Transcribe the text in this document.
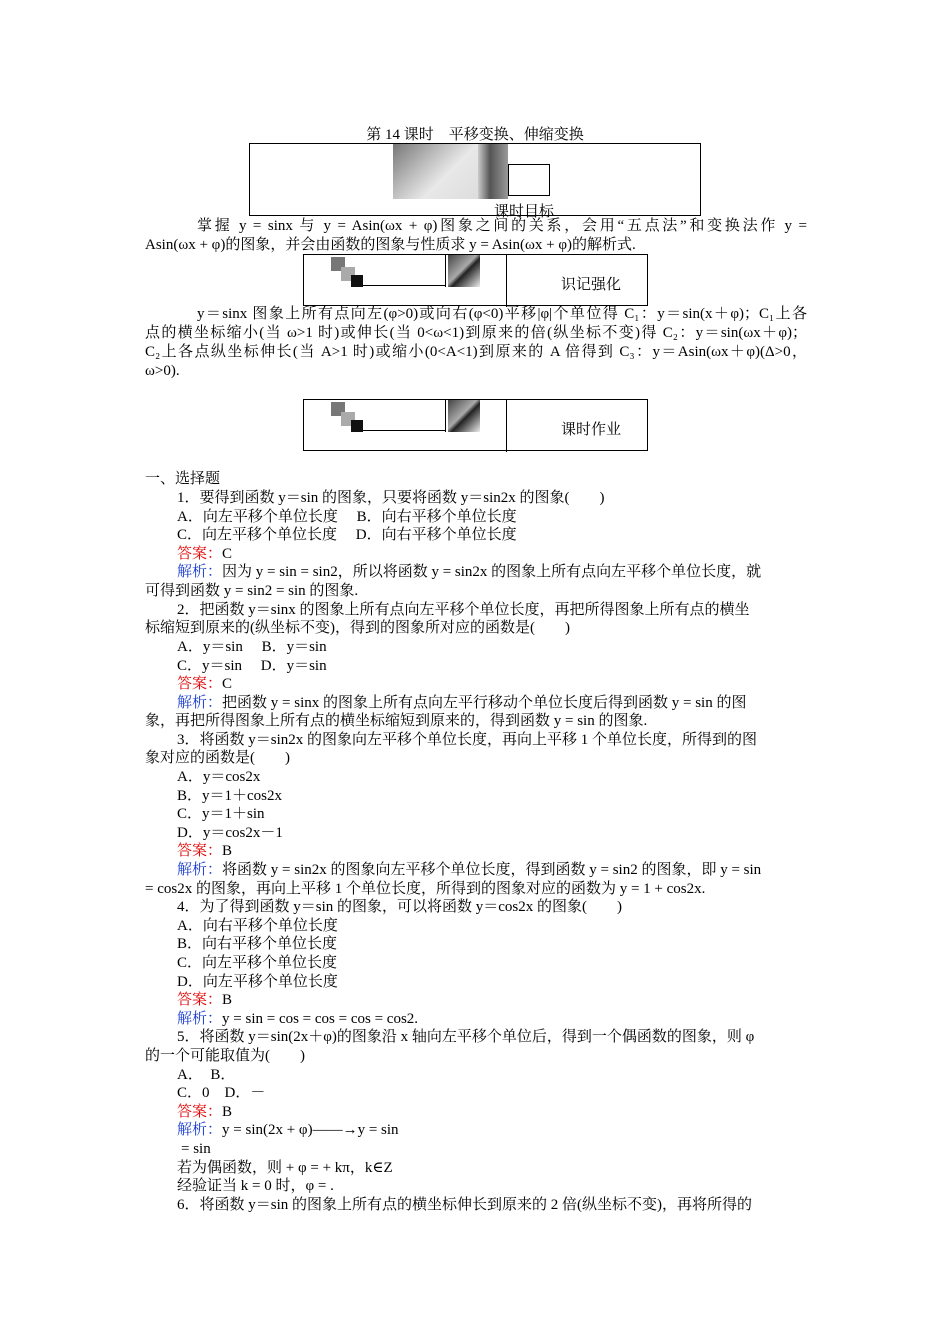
第 14 课时　平移变换、伸缩变换
课时目标
掌握 y = sinx 与 y = Asin(ωx + φ)图象之间的关系，会用“五点法”和变换法作 y =
Asin(ωx + φ)的图象，并会由函数的图象与性质求 y = Asin(ωx + φ)的解析式.
识记强化
y＝sinx 图象上所有点向左(φ>0)或向右(φ<0)平移|φ|个单位得 C₁：y＝sin(x＋φ)；C₁上各
点的横坐标缩小(当 ω>1 时)或伸长(当 0<ω<1)到原来的倍(纵坐标不变)得 C₂：y＝sin(ωx＋φ)；
C₂上各点纵坐标伸长(当 A>1 时)或缩小(0<A<1)到原来的 A 倍得到 C₃：y＝Asin(ωx＋φ)(Δ>0，
ω>0).
课时作业
一、选择题
1．要得到函数 y＝sin 的图象，只要将函数 y＝sin2x 的图象(　　)
A．向左平移个单位长度　 B．向右平移个单位长度
C．向左平移个单位长度　 D．向右平移个单位长度
答案：C
解析：因为 y = sin = sin2，所以将函数 y = sin2x 的图象上所有点向左平移个单位长度，就
可得到函数 y = sin2 = sin 的图象.
2．把函数 y＝sinx 的图象上所有点向左平移个单位长度，再把所得图象上所有点的横坐
标缩短到原来的(纵坐标不变)，得到的图象所对应的函数是(　　)
A．y＝sin　 B．y＝sin
C．y＝sin　 D．y＝sin
答案：C
解析：把函数 y = sinx 的图象上所有点向左平行移动个单位长度后得到函数 y = sin 的图
象，再把所得图象上所有点的横坐标缩短到原来的，得到函数 y = sin 的图象.
3．将函数 y＝sin2x 的图象向左平移个单位长度，再向上平移 1 个单位长度，所得到的图
象对应的函数是(　　)
A．y＝cos2x
B．y＝1＋cos2x
C．y＝1＋sin
D．y＝cos2x－1
答案：B
解析：将函数 y = sin2x 的图象向左平移个单位长度，得到函数 y = sin2 的图象，即 y = sin
= cos2x 的图象，再向上平移 1 个单位长度，所得到的图象对应的函数为 y = 1 + cos2x.
4．为了得到函数 y＝sin 的图象，可以将函数 y＝cos2x 的图象(　　)
A．向右平移个单位长度
B．向右平移个单位长度
C．向左平移个单位长度
D．向左平移个单位长度
答案：B
解析：y = sin = cos = cos = cos = cos2.
5．将函数 y＝sin(2x＋φ)的图象沿 x 轴向左平移个单位后，得到一个偶函数的图象，则 φ
的一个可能取值为(　　)
A．　B．
C．0　D．－
答案：B
解析：y = sin(2x + φ)——→y = sin
= sin
若为偶函数，则 + φ = + kπ，k∈Z
经验证当 k = 0 时，φ = .
6．将函数 y＝sin 的图象上所有点的横坐标伸长到原来的 2 倍(纵坐标不变)，再将所得的
